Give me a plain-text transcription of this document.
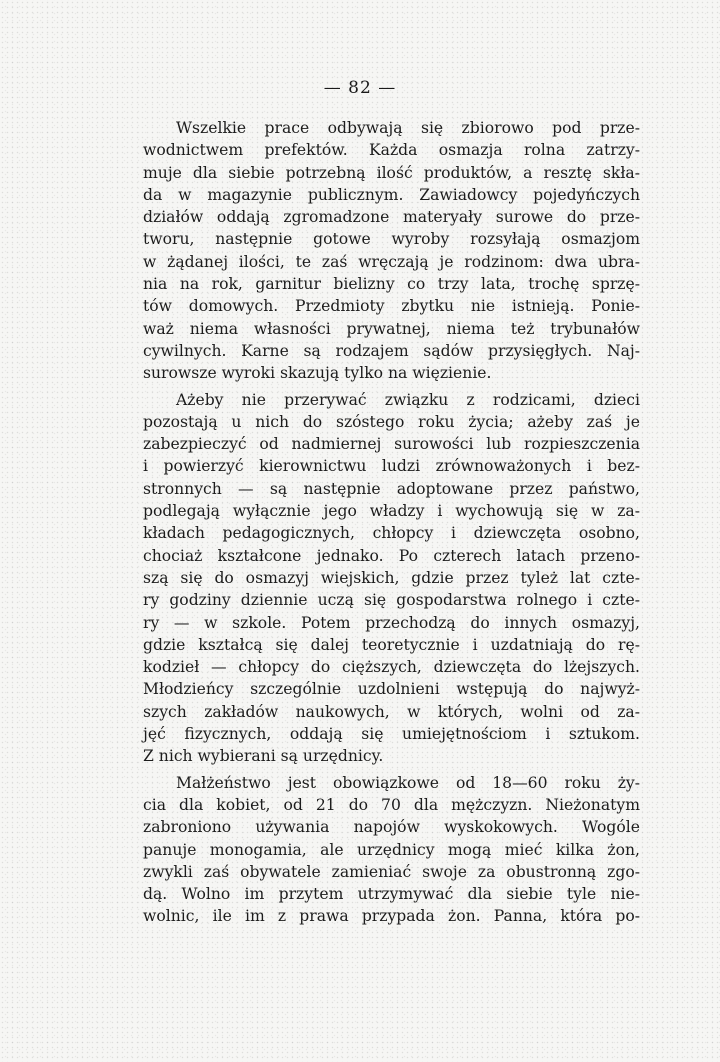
— 82 —
Wszelkie prace odbywają się zbiorowo pod prze-
wodnictwem prefektów. Każda osmazja rolna zatrzy-
muje dla siebie potrzebną ilość produktów, a resztę skła-
da w magazynie publicznym. Zawiadowcy pojedyńczych
działów oddają zgromadzone materyały surowe do prze-
tworu, następnie gotowe wyroby rozsyłają osmazjom
w żądanej ilości, te zaś wręczają je rodzinom: dwa ubra-
nia na rok, garnitur bielizny co trzy lata, trochę sprzę-
tów domowych. Przedmioty zbytku nie istnieją. Ponie-
waż niema własności prywatnej, niema też trybunałów
cywilnych. Karne są rodzajem sądów przysięgłych. Naj-
surowsze wyroki skazują tylko na więzienie.
Ażeby nie przerywać związku z rodzicami, dzieci
pozostają u nich do szóstego roku życia; ażeby zaś je
zabezpieczyć od nadmiernej surowości lub rozpieszczenia
i powierzyć kierownictwu ludzi zrównoważonych i bez-
stronnych — są następnie adoptowane przez państwo,
podlegają wyłącznie jego władzy i wychowują się w za-
kładach pedagogicznych, chłopcy i dziewczęta osobno,
chociaż kształcone jednako. Po czterech latach przeno-
szą się do osmazyj wiejskich, gdzie przez tyleż lat czte-
ry godziny dziennie uczą się gospodarstwa rolnego i czte-
ry — w szkole. Potem przechodzą do innych osmazyj,
gdzie kształcą się dalej teoretycznie i uzdatniają do rę-
kodzieł — chłopcy do cięższych, dziewczęta do lżejszych.
Młodzieńcy szczególnie uzdolnieni wstępują do najwyż-
szych zakładów naukowych, w których, wolni od za-
jęć fizycznych, oddają się umiejętnościom i sztukom.
Z nich wybierani są urzędnicy.
Małżeństwo jest obowiązkowe od 18—60 roku ży-
cia dla kobiet, od 21 do 70 dla mężczyzn. Nieżonatym
zabroniono używania napojów wyskokowych. Wogóle
panuje monogamia, ale urzędnicy mogą mieć kilka żon,
zwykli zaś obywatele zamieniać swoje za obustronną zgo-
dą. Wolno im przytem utrzymywać dla siebie tyle nie-
wolnic, ile im z prawa przypada żon. Panna, która po-
